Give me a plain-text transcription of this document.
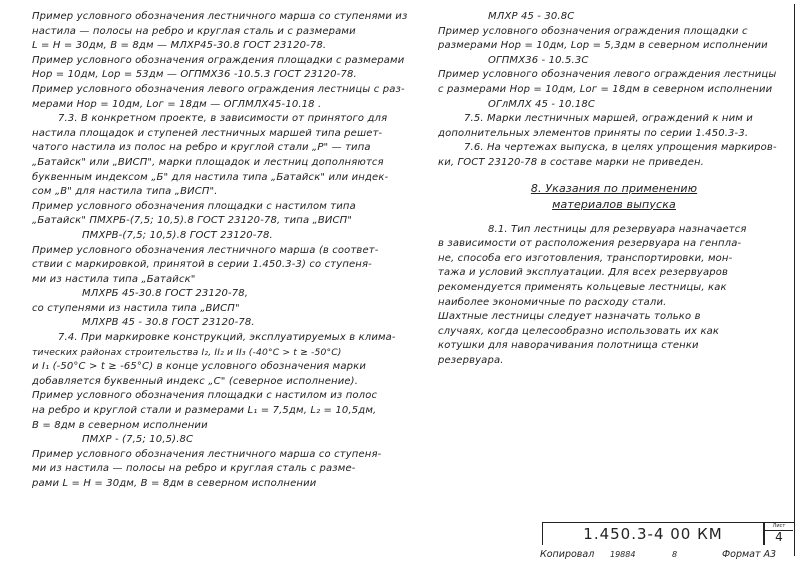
Пример условного обозначения лестничного марша со ступенями из
настила — полосы на ребро и круглая сталь и с размерами
L = H = 30дм, В = 8дм — МЛХР45-30.8 ГОСТ 23120-78.
Пример условного обозначения ограждения площадки с размерами
Нор = 10дм, Lор = 53дм — ОГПМХ36 -10.5.3 ГОСТ 23120-78.
Пример условного обозначения левого ограждения лестницы с раз-
мерами Нор = 10дм, Lог = 18дм — ОГЛМЛХ45-10.18 .
7.3. В конкретном проекте, в зависимости от принятого для
настила площадок и ступеней лестничных маршей типа решет-
чатого настила из полос на ребро и круглой стали „Р" — типа
„Батайск" или „ВИСП", марки площадок и лестниц дополняются
буквенным индексом „Б" для настила типа „Батайск" или индек-
сом „В" для настила типа „ВИСП".
Пример условного обозначения площадки с настилом типа
„Батайск" ПМХРБ-(7,5; 10,5).8 ГОСТ 23120-78, типа „ВИСП"
ПМХРВ-(7,5; 10,5).8 ГОСТ 23120-78.
Пример условного обозначения лестничного марша (в соответ-
ствии с маркировкой, принятой в серии 1.450.3-3) со ступеня-
ми из настила типа „Батайск"
МЛХРБ 45-30.8 ГОСТ 23120-78,
со ступенями из настила типа „ВИСП"
МЛХРВ 45 - 30.8 ГОСТ 23120-78.
7.4. При маркировке конструкций, эксплуатируемых в клима-
тических районах строительства I₂, II₂ и II₃ (-40°С > t ≥ -50°С)
и I₁ (-50°С > t ≥ -65°С) в конце условного обозначения марки
добавляется буквенный индекс „С" (северное исполнение).
Пример условного обозначения площадки с настилом из полос
на ребро и круглой стали и размерами L₁ = 7,5дм, L₂ = 10,5дм,
В = 8дм в северном исполнении
ПМХР - (7,5; 10,5).8С
Пример условного обозначения лестничного марша со ступеня-
ми из настила — полосы на ребро и круглая сталь с разме-
рами L = H = 30дм, В = 8дм в северном исполнении
МЛХР 45 - 30.8С
Пример условного обозначения ограждения площадки с
размерами Нор = 10дм, Lор = 5,3дм в северном исполнении
ОГПМХ36 - 10.5.3С
Пример условного обозначения левого ограждения лестницы
с размерами Нор = 10дм, Lог = 18дм в северном исполнении
ОГлМЛХ 45 - 10.18С
7.5. Марки лестничных маршей, ограждений к ним и
дополнительных элементов приняты по серии 1.450.3-3.
7.6. На чертежах выпуска, в целях упрощения маркиров-
ки, ГОСТ 23120-78 в составе марки не приведен.
8. Указания по применению
материалов выпуска
8.1. Тип лестницы для резервуара назначается
в зависимости от расположения резервуара на генпла-
не, способа его изготовления, транспортировки, мон-
тажа и условий эксплуатации. Для всех резервуаров
рекомендуется применять кольцевые лестницы, как
наиболее экономичные по расходу стали.
Шахтные лестницы следует назначать только в
случаях, когда целесообразно использовать их как
котушки для наворачивания полотнища стенки
резервуара.
1.450.3-4 00 КМ	Лист
4
Копировал 19884	8	Формат А3
